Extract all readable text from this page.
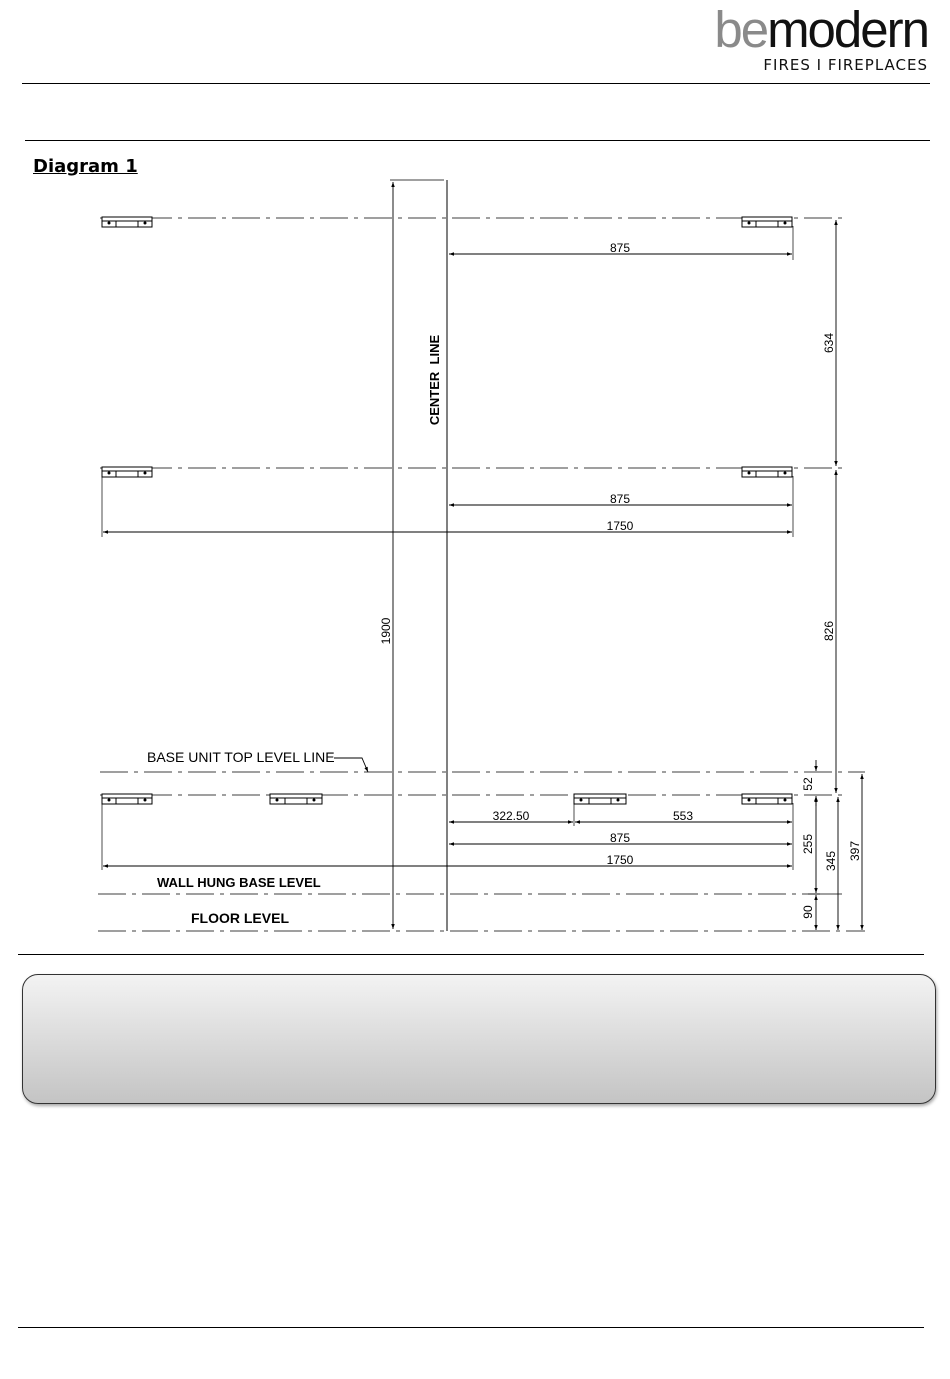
bemodern
FIRES I FIREPLACES
Diagram 1
875
634
875
1750
1900	826
322.50	553
875
1750
52
255
345 397
90
CENTER  LINE
BASE UNIT TOP LEVEL LINE
WALL HUNG BASE LEVEL
FLOOR LEVEL
